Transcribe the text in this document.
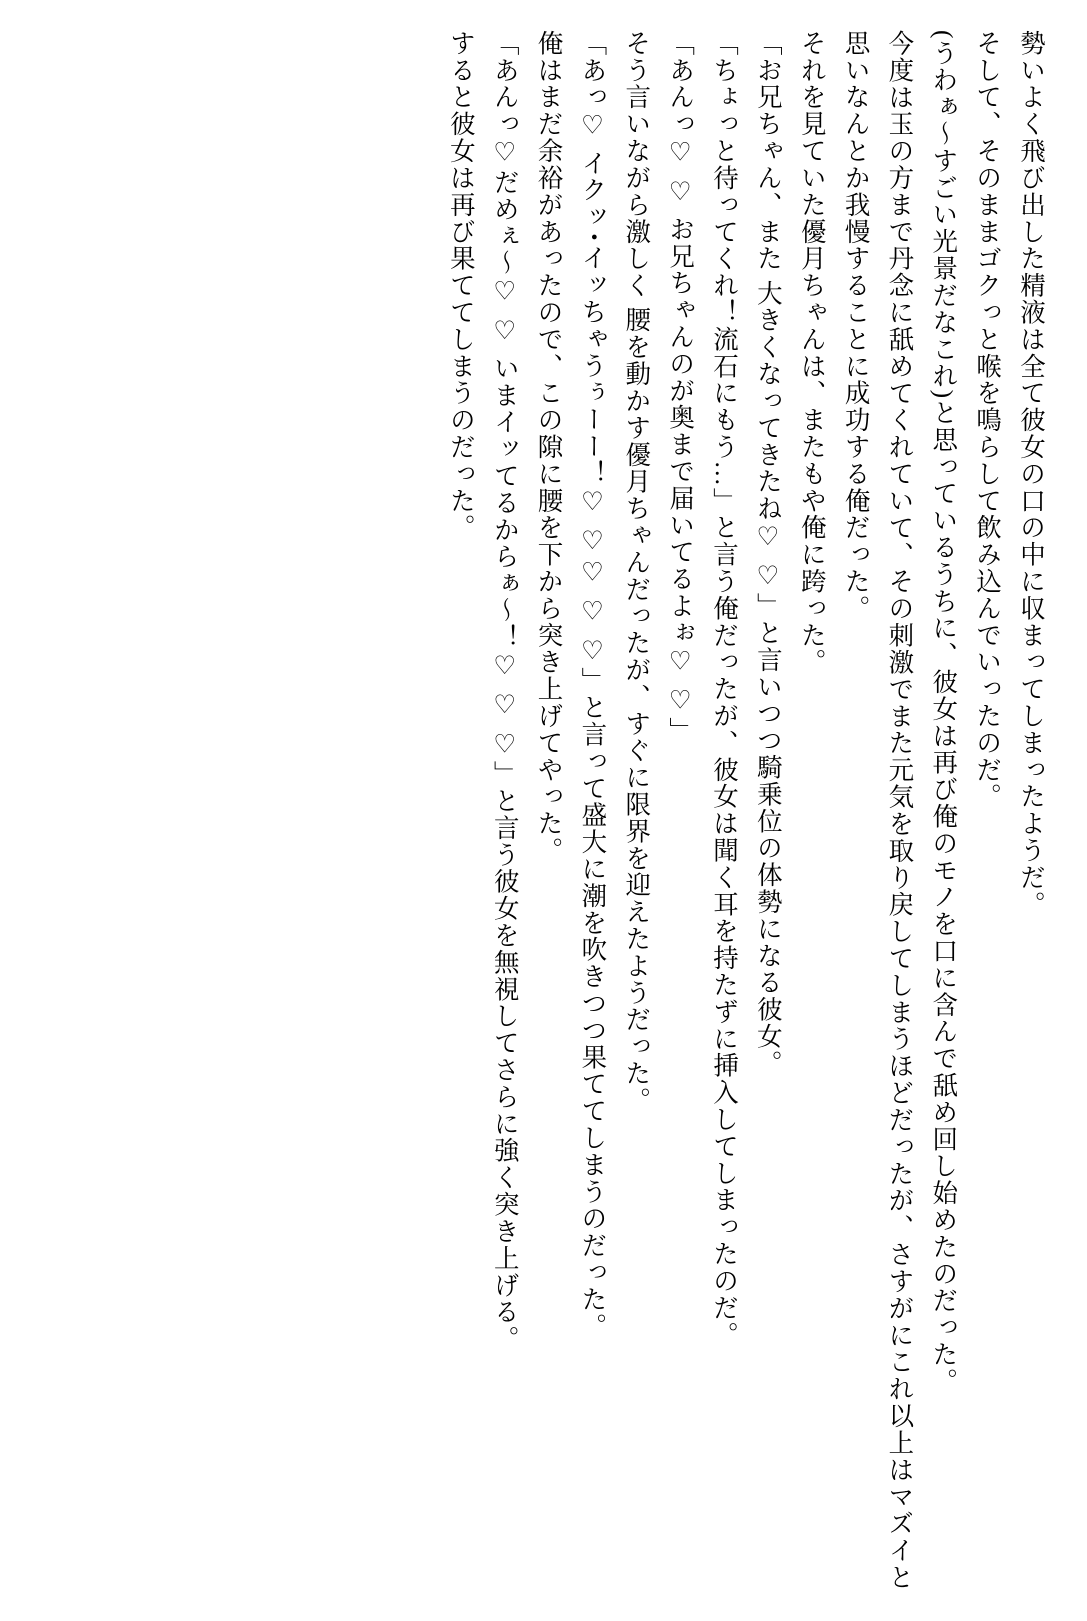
勢いよく飛び出した精液は全て彼女の口の中に収まってしまったようだ。

そして、そのままゴクっと喉を鳴らして飲み込んでいったのだ。

(うわぁ～すごい光景だなこれ)と思っているうちに、彼女は再び俺のモノを口に含んで舐め回し始めたのだった。

今度は玉の方まで丹念に舐めてくれていて、その刺激でまた元気を取り戻してしまうほどだったが、さすがにこれ以上はマズイと思いなんとか我慢することに成功する俺だった。

それを見ていた優月ちゃんは、またもや俺に跨った。

「お兄ちゃん、また 大きくなってきたね♡ ♡」と言いつつ騎乗位の体勢になる彼女。

「ちょっと待ってくれ！流石にもう…」と言う俺だったが、彼女は聞く耳を持たずに挿入してしまったのだ。

「あんっ♡ ♡ お兄ちゃんのが奥まで届いてるよぉ♡ ♡」

そう言いながら激しく 腰を動かす優月ちゃんだったが、すぐに限界を迎えたようだった。

「あっ♡ イクッ･イッちゃうぅーー！♡ ♡♡ ♡ ♡」と言って盛大に潮を吹きつつ果ててしまうのだった。

俺はまだ余裕があったので、この隙に腰を下から突き上げてやった。

「あんっ♡だめぇ～♡ ♡ いまイッてるからぁ～！♡ ♡ ♡」と言う彼女を無視してさらに強く突き上げる。

すると彼女は再び果ててしまうのだった。
